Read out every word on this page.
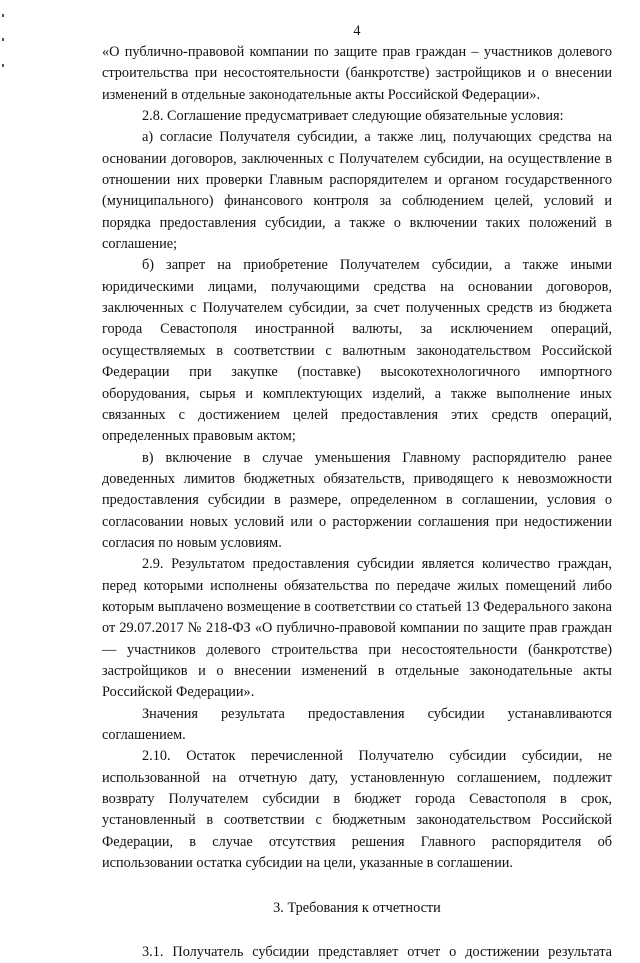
4

«О публично-правовой компании по защите прав граждан – участников долевого строительства при несостоятельности (банкротстве) застройщиков и о внесении изменений в отдельные законодательные акты Российской Федерации».

2.8. Соглашение предусматривает следующие обязательные условия:

а) согласие Получателя субсидии, а также лиц, получающих средства на основании договоров, заключенных с Получателем субсидии, на осуществление в отношении них проверки Главным распорядителем и органом государственного (муниципального) финансового контроля за соблюдением целей, условий и порядка предоставления субсидии, а также о включении таких положений в соглашение;

б) запрет на приобретение Получателем субсидии, а также иными юридическими лицами, получающими средства на основании договоров, заключенных с Получателем субсидии, за счет полученных средств из бюджета города Севастополя иностранной валюты, за исключением операций, осуществляемых в соответствии с валютным законодательством Российской Федерации при закупке (поставке) высокотехнологичного импортного оборудования, сырья и комплектующих изделий, а также выполнение иных связанных с достижением целей предоставления этих средств операций, определенных правовым актом;

в) включение в случае уменьшения Главному распорядителю ранее доведенных лимитов бюджетных обязательств, приводящего к невозможности предоставления субсидии в размере, определенном в соглашении, условия о согласовании новых условий или о расторжении соглашения при недостижении согласия по новым условиям.

2.9. Результатом предоставления субсидии является количество граждан, перед которыми исполнены обязательства по передаче жилых помещений либо которым выплачено возмещение в соответствии со статьей 13 Федерального закона от 29.07.2017 № 218-ФЗ «О публично-правовой компании по защите прав граждан — участников долевого строительства при несостоятельности (банкротстве) застройщиков и о внесении изменений в отдельные законодательные акты Российской Федерации».

Значения результата предоставления субсидии устанавливаются соглашением.

2.10. Остаток перечисленной Получателю субсидии субсидии, не использованной на отчетную дату, установленную соглашением, подлежит возврату Получателем субсидии в бюджет города Севастополя в срок, установленный в соответствии с бюджетным законодательством Российской Федерации, в случае отсутствия решения Главного распорядителя об использовании остатка субсидии на цели, указанные в соглашении.

3. Требования к отчетности

3.1. Получатель субсидии представляет отчет о достижении результата
